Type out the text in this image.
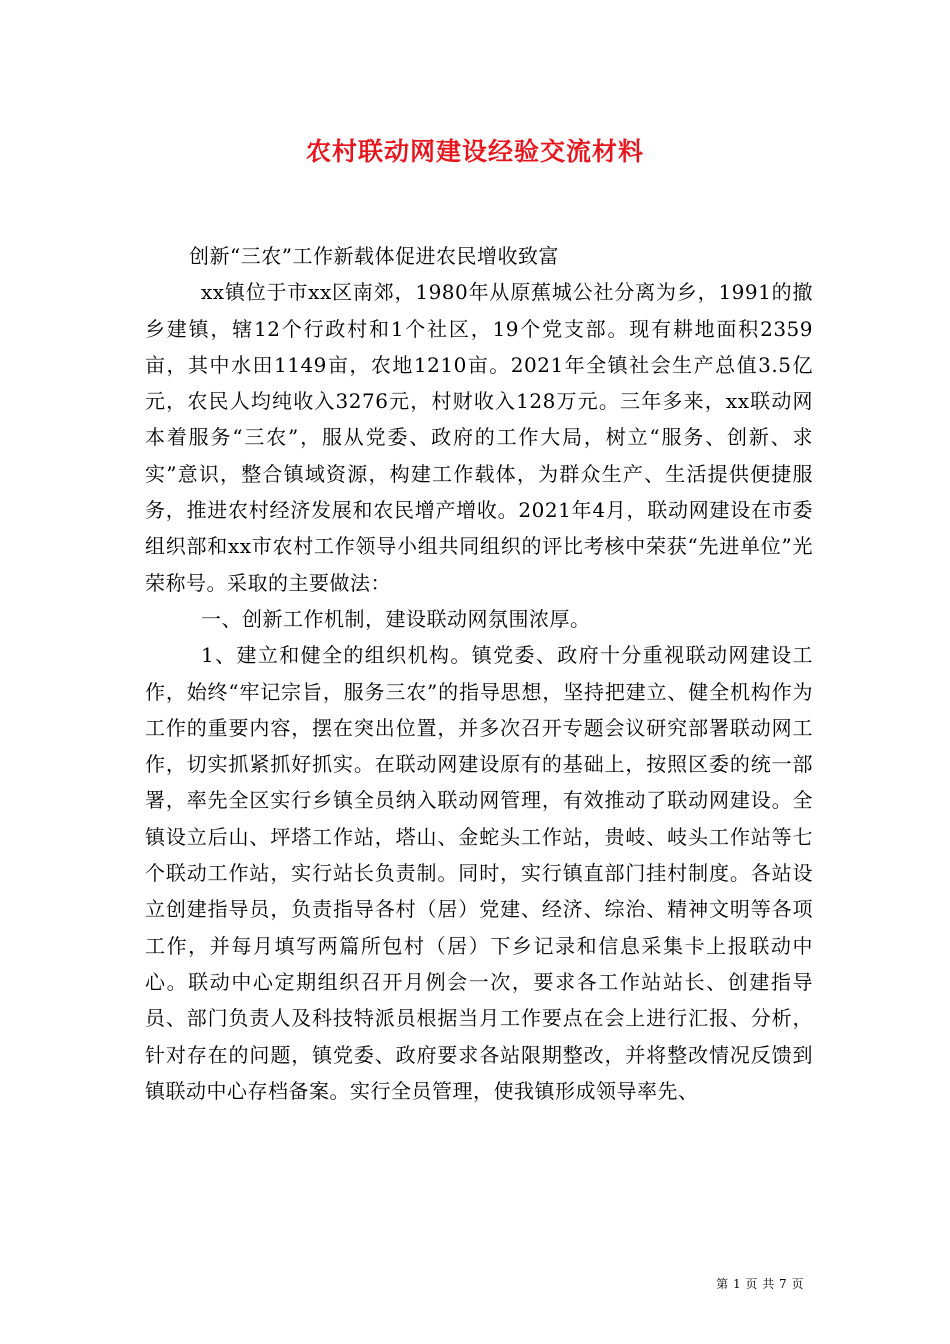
农村联动网建设经验交流材料

创新“三农”工作新载体促进农民增收致富

xx镇位于市xx区南郊，1980年从原蕉城公社分离为乡，1991的撤乡建镇，辖12个行政村和1个社区，19个党支部。现有耕地面积2359亩，其中水田1149亩，农地1210亩。2021年全镇社会生产总值3.5亿元，农民人均纯收入3276元，村财收入128万元。三年多来，xx联动网本着服务“三农”，服从党委、政府的工作大局，树立“服务、创新、求实”意识，整合镇域资源，构建工作载体，为群众生产、生活提供便捷服务，推进农村经济发展和农民增产增收。2021年4月，联动网建设在市委组织部和xx市农村工作领导小组共同组织的评比考核中荣获“先进单位”光荣称号。采取的主要做法：

一、创新工作机制，建设联动网氛围浓厚。

1、建立和健全的组织机构。镇党委、政府十分重视联动网建设工作，始终“牢记宗旨，服务三农”的指导思想，坚持把建立、健全机构作为工作的重要内容，摆在突出位置，并多次召开专题会议研究部署联动网工作，切实抓紧抓好抓实。在联动网建设原有的基础上，按照区委的统一部署，率先全区实行乡镇全员纳入联动网管理，有效推动了联动网建设。全镇设立后山、坪塔工作站，塔山、金蛇头工作站，贵岐、岐头工作站等七个联动工作站，实行站长负责制。同时，实行镇直部门挂村制度。各站设立创建指导员，负责指导各村（居）党建、经济、综治、精神文明等各项工作，并每月填写两篇所包村（居）下乡记录和信息采集卡上报联动中心。联动中心定期组织召开月例会一次，要求各工作站站长、创建指导员、部门负责人及科技特派员根据当月工作要点在会上进行汇报、分析，针对存在的问题，镇党委、政府要求各站限期整改，并将整改情况反馈到镇联动中心存档备案。实行全员管理，使我镇形成领导率先、

第 1 页 共 7 页
